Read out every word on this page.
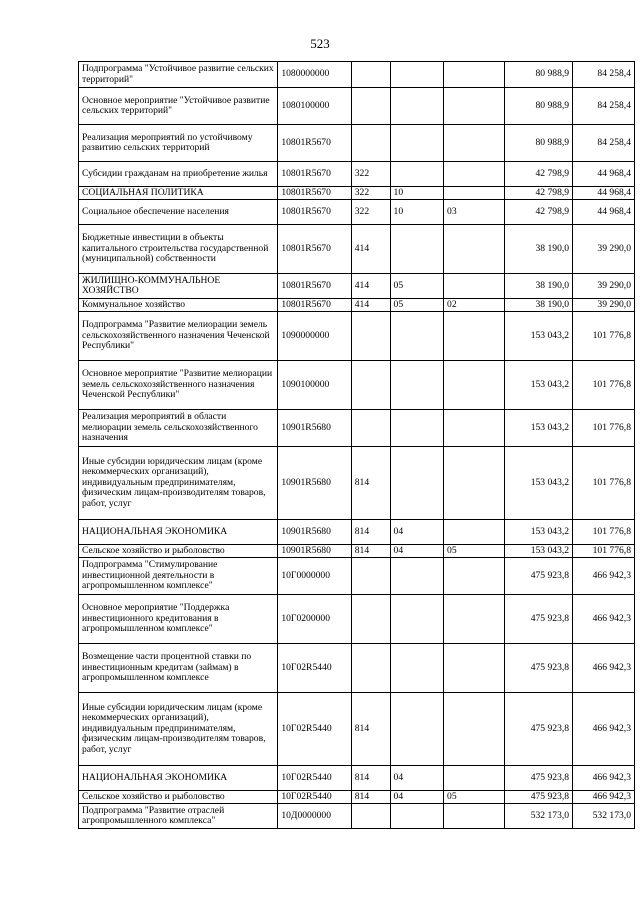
523
Подпрограмма "Устойчивое развитие сельских территорий"	1080000000				80 988,9	84 258,4
Основное мероприятие "Устойчивое развитие сельских территорий"	1080100000				80 988,9	84 258,4
Реализация мероприятий по устойчивому развитию сельских территорий	10801R5670				80 988,9	84 258,4
Субсидии гражданам на приобретение жилья	10801R5670	322			42 798,9	44 968,4
СОЦИАЛЬНАЯ ПОЛИТИКА	10801R5670	322	10		42 798,9	44 968,4
Социальное обеспечение населения	10801R5670	322	10	03	42 798,9	44 968,4
Бюджетные инвестиции в объекты капитального строительства государственной (муниципальной) собственности	10801R5670	414			38 190,0	39 290,0
ЖИЛИЩНО-КОММУНАЛЬНОЕ ХОЗЯЙСТВО	10801R5670	414	05		38 190,0	39 290,0
Коммунальное хозяйство	10801R5670	414	05	02	38 190,0	39 290,0
Подпрограмма "Развитие мелиорации земель сельскохозяйственного назначения Чеченской Республики"	1090000000				153 043,2	101 776,8
Основное мероприятие "Развитие мелиорации земель сельскохозяйственного назначения Чеченской Республики"	1090100000				153 043,2	101 776,8
Реализация мероприятий в области мелиорации земель сельскохозяйственного назначения	10901R5680				153 043,2	101 776,8
Иные субсидии юридическим лицам (кроме некоммерческих организаций), индивидуальным предпринимателям, физическим лицам-производителям товаров, работ, услуг	10901R5680	814			153 043,2	101 776,8
НАЦИОНАЛЬНАЯ ЭКОНОМИКА	10901R5680	814	04		153 043,2	101 776,8
Сельское хозяйство и рыболовство	10901R5680	814	04	05	153 043,2	101 776,8
Подпрограмма "Стимулирование инвестиционной деятельности в агропромышленном комплексе"	10Г0000000				475 923,8	466 942,3
Основное мероприятие "Поддержка инвестиционного кредитования в агропромышленном комплексе"	10Г0200000				475 923,8	466 942,3
Возмещение части процентной ставки по инвестиционным кредитам (займам) в агропромышленном комплексе	10Г02R5440				475 923,8	466 942,3
Иные субсидии юридическим лицам (кроме некоммерческих организаций), индивидуальным предпринимателям, физическим лицам-производителям товаров, работ, услуг	10Г02R5440	814			475 923,8	466 942,3
НАЦИОНАЛЬНАЯ ЭКОНОМИКА	10Г02R5440	814	04		475 923,8	466 942,3
Сельское хозяйство и рыболовство	10Г02R5440	814	04	05	475 923,8	466 942,3
Подпрограмма "Развитие отраслей агропромышленного комплекса"	10Д0000000				532 173,0	532 173,0
